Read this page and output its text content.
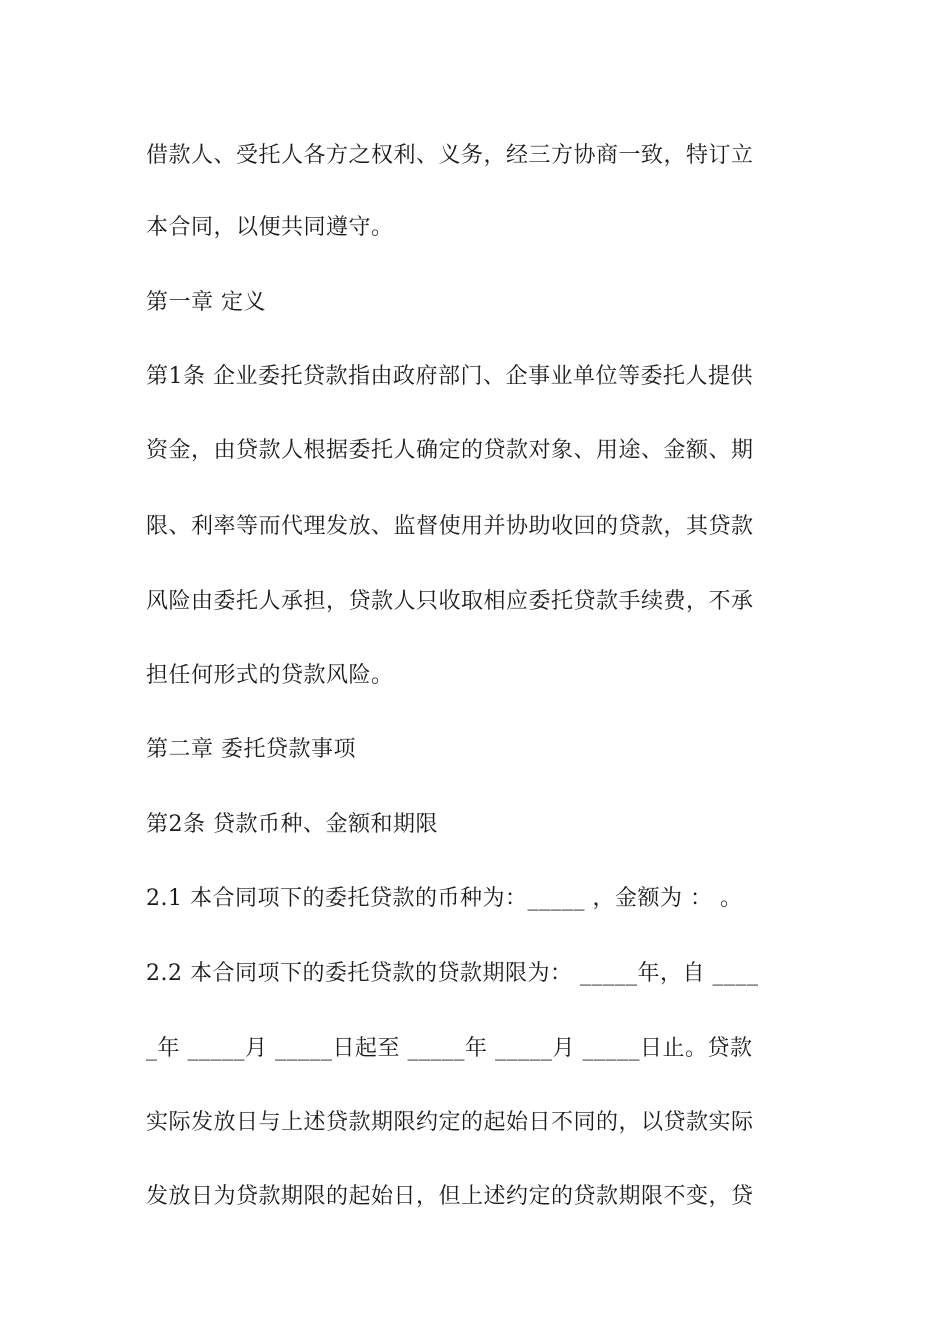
借款人、受托人各方之权利、义务，经三方协商一致，特订立
本合同，以便共同遵守。
第一章 定义
第1条 企业委托贷款指由政府部门、企事业单位等委托人提供
资金，由贷款人根据委托人确定的贷款对象、用途、金额、期
限、利率等而代理发放、监督使用并协助收回的贷款，其贷款
风险由委托人承担，贷款人只收取相应委托贷款手续费，不承
担任何形式的贷款风险。
第二章 委托贷款事项
第2条 贷款币种、金额和期限
2.1 本合同项下的委托贷款的币种为：_____ ，金额为 ： 。
2.2 本合同项下的委托贷款的贷款期限为： _____年，自 ____
_年 _____月 _____日起至 _____年 _____月 _____日止。贷款
实际发放日与上述贷款期限约定的起始日不同的，以贷款实际
发放日为贷款期限的起始日，但上述约定的贷款期限不变，贷
